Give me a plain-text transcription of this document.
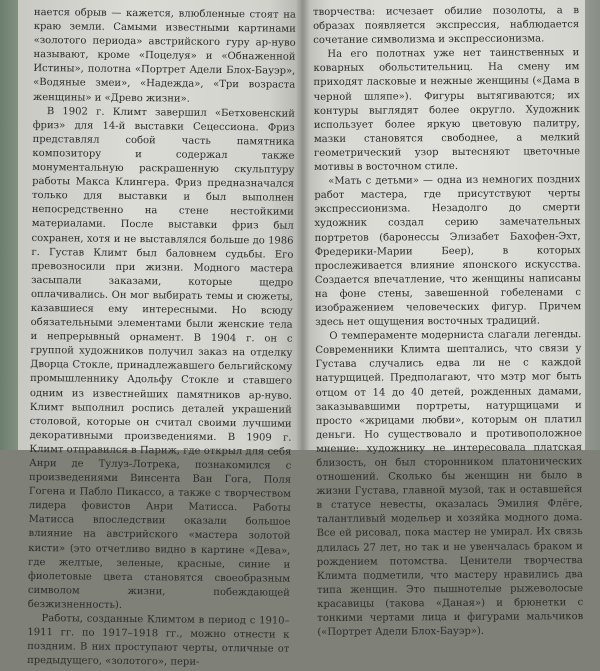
нается обрыв — кажется, влюбленные стоят на краю земли. Самыми известными картинами «золотого периода» австрийского гуру ар-нуво называют, кроме «Поцелуя» и «Обнаженной Истины», полотна «Портрет Адели Блох-Бауэр», «Водяные змеи», «Надежда», «Три возраста женщины» и «Древо жизни».

В 1902 г. Климт завершил «Бетховенский фриз» для 14-й выставки Сецессиона. Фриз представлял собой часть памятника композитору и содержал также монументальную раскрашенную скульптуру работы Макса Клингера. Фриз предназначался только для выставки и был выполнен непосредственно на стене нестойкими материалами. После выставки фриз был сохранен, хотя и не выставлялся больше до 1986 г. Густав Климт был баловнем судьбы. Его превозносили при жизни. Модного мастера засыпали заказами, которые щедро оплачивались. Он мог выбирать темы и сюжеты, казавшиеся ему интересными. Но всюду обязательными элементами были женские тела и непрерывный орнамент. В 1904 г. он с группой художников получил заказ на отделку Дворца Стокле, принадлежавшего бельгийскому промышленнику Адольфу Стокле и ставшего одним из известнейших памятников ар-нуво. Климт выполнил роспись деталей украшений столовой, которые он считал своими лучшими декоративными произведениями. В 1909 г. Климт отправился в Париж, где открыл для себя Анри де Тулуз-Лотрека, познакомился с произведениями Винсента Ван Гога, Поля Гогена и Пабло Пикассо, а также с творчеством лидера фовистов Анри Матисса. Работы Матисса впоследствии оказали большое влияние на австрийского «мастера золотой кисти» (это отчетливо видно в картине «Дева», где желтые, зеленые, красные, синие и фиолетовые цвета становятся своеобразным символом жизни, побеждающей безжизненность).

Работы, созданные Климтом в период с 1910–1911 гг. по 1917–1918 гг., можно отнести к поздним. В них проступают черты, отличные от предыдущего, «золотого», пери-

творчества: исчезает обилие позолоты, а в образах появляется экспрессия, наблюдается сочетание символизма и экспрессионизма.

На его полотнах уже нет таинственных и коварных обольстительниц. На смену им приходят ласковые и нежные женщины («Дама в черной шляпе»). Фигуры вытягиваются; их контуры выглядят более округло. Художник использует более яркую цветовую палитру, мазки становятся свободнее, а мелкий геометрический узор вытесняют цветочные мотивы в восточном стиле.

«Мать с детьми» — одна из немногих поздних работ мастера, где присутствуют черты экспрессионизма. Незадолго до смерти художник создал серию замечательных портретов (баронессы Элизабет Бахофен-Эхт, Фредерики-Марии Беер), в которых прослеживается влияние японского искусства. Создается впечатление, что женщины написаны на фоне стены, завешенной гобеленами с изображением человеческих фигур. Причем здесь нет ощущения восточных традиций.

О темпераменте модерниста слагали легенды. Современники Климта шептались, что связи у Густава случались едва ли не с каждой натурщицей. Предполагают, что мэтр мог быть отцом от 14 до 40 детей, рожденных дамами, заказывавшими портреты, натурщицами и просто «жрицами любви», которым он платил деньги. Но существовало и противоположное мнение: художнику не интересовала платская близость, он был сторонником платонических отношений. Сколько бы женщин ни было в жизни Густава, главной музой, так и оставшейся в статусе невесты, оказалась Эмилия Флёге, талантливый модельер и хозяйка модного дома. Все ей рисовал, пока мастер не умирал. Их связь длилась 27 лет, но так и не увенчалась браком и рождением потомства. Ценители творчества Климта подметили, что мастеру нравились два типа женщин. Это пышнотелые рыжеволосые красавицы (такова «Даная») и брюнетки с тонкими чертами лица и фигурами мальчиков («Портрет Адели Блох-Бауэр»).
